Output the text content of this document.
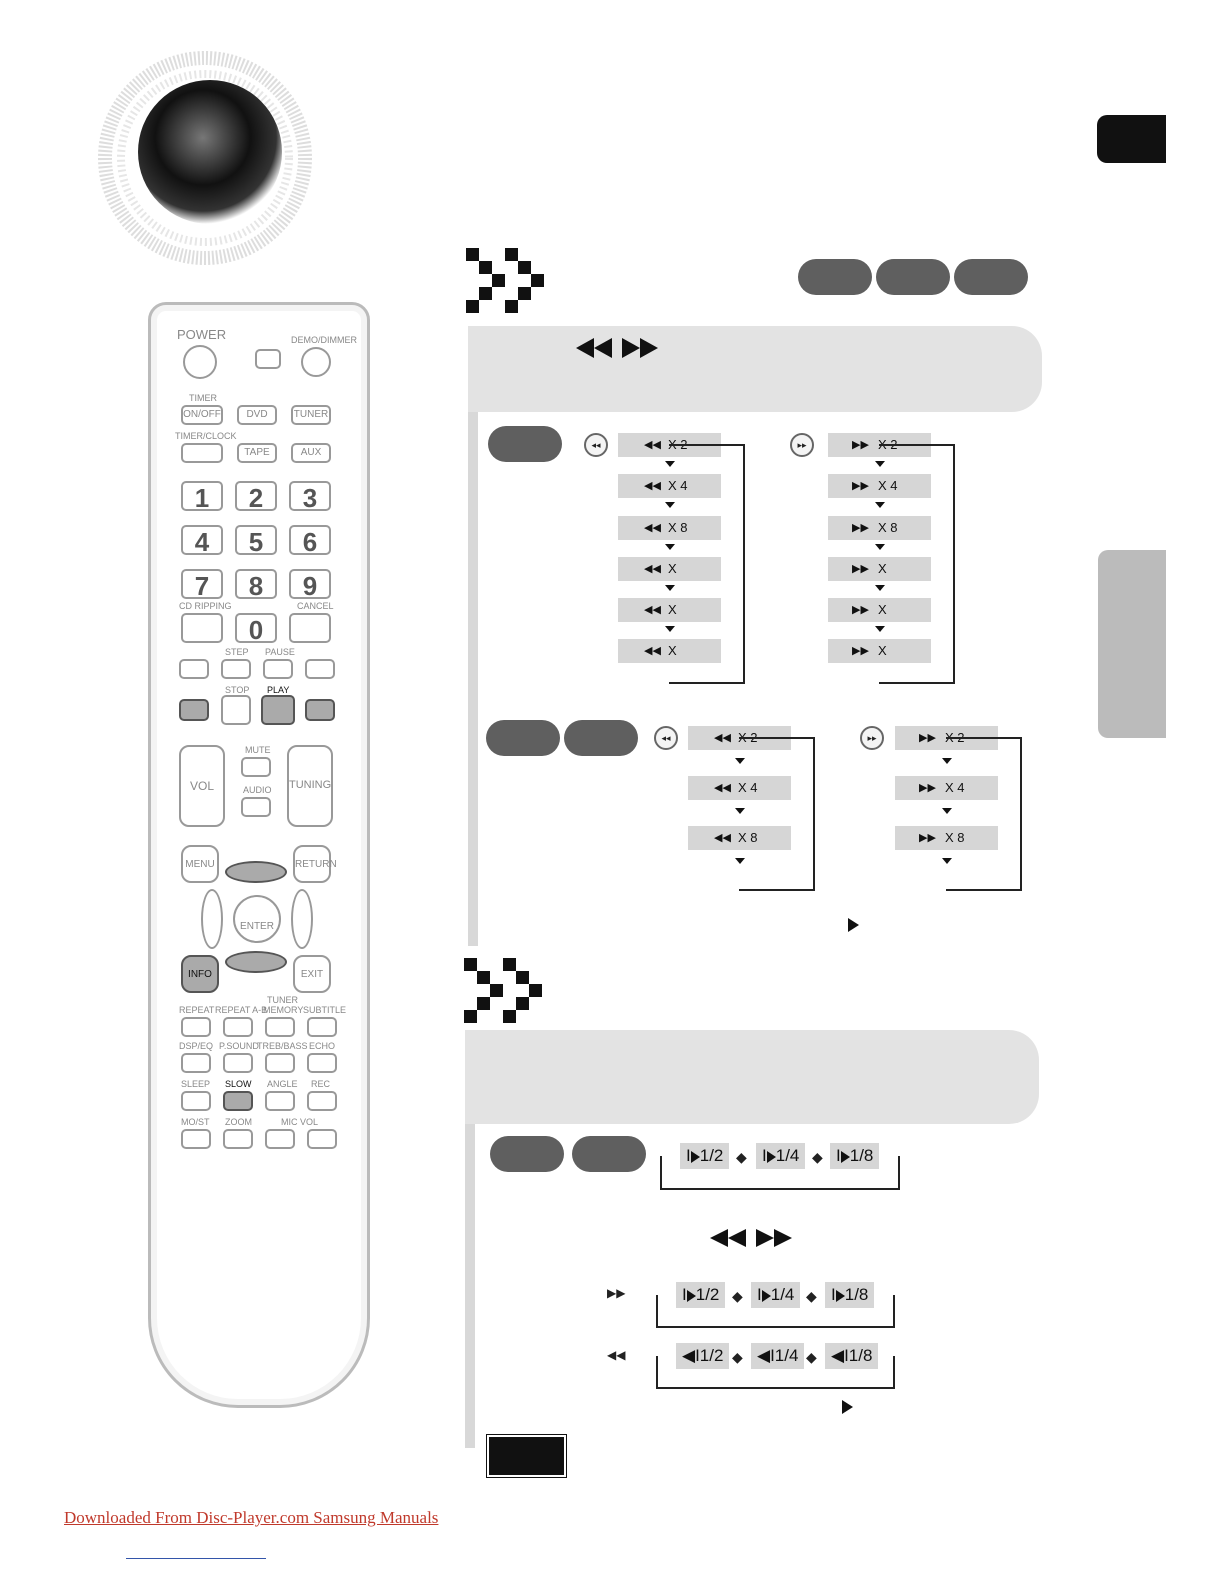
POWER	DEMO/DIMMER
TIMER
ON/OFF
TIMER/CLOCK
DVD	TUNER
TAPE	AUX
1	2	3
4	5	6
7	8	9
CD RIPPING	CANCEL
0
STEP PAUSE
STOP PLAY
VOL
MUTE
AUDIO TUNING
MENU	RETURN
ENTER
INFO	EXIT
TUNER
REPEAT REPEAT A-B
MEMORY SUBTITLE
DSP/EQ P.SOUND
TREB/BASS ECHO
SLEEP SLOW ANGLE REC
MO/ST ZOOM	MIC VOL
◂◂	▸▸
◀◀ X 2
◀◀ X 4
◀◀ X 8
◀◀ X
◀◀ X
◀◀ X
▶▶ X 2
▶▶ X 4
▶▶ X 8
▶▶ X
▶▶ X
▶▶ X
◂◂	▸▸
◀◀ X 2
◀◀ X 4
◀◀ X 8
▶▶ X 2
▶▶ X 4
▶▶ X 8
I 1/2	I 1/4	I 1/8
◆	◆
▶▶	I 1/2	I 1/4	I 1/8
◆	◆
◀◀	◀I1/2	◀I1/4	◀I1/8
◆	◆
Downloaded From Disc-Player.com Samsung Manuals
